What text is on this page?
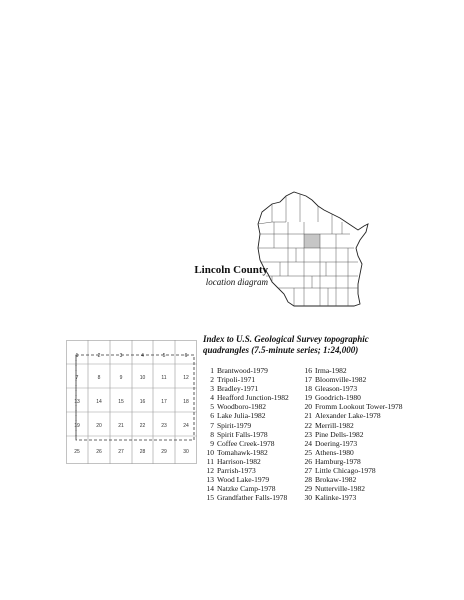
Lincoln County
location diagram
1	2	3	4	5	6
7	8	9	10	11	12
13	14	15	16	17	18
19	20	21	22	23	24
25	26	27	28	29	30
Index to U.S. Geological Survey topographic
quadrangles (7.5-minute series; 1:24,000)
1 Brantwood-1979
2 Tripoli-1971
3 Bradley-1971
4 Heafford Junction-1982
5 Woodboro-1982
6 Lake Julia-1982
7 Spirit-1979
8 Spirit Falls-1978
9 Coffee Creek-1978
10 Tomahawk-1982
11 Harrison-1982
12 Parrish-1973
13 Wood Lake-1979
14 Natzke Camp-1978
15 Grandfather Falls-1978
16 Irma-1982
17 Bloomville-1982
18 Gleason-1973
19 Goodrich-1980
20 Fromm Lookout Tower-1978
21 Alexander Lake-1978
22 Merrill-1982
23 Pine Dells-1982
24 Doering-1973
25 Athens-1980
26 Hamburg-1978
27 Little Chicago-1978
28 Brokaw-1982
29 Nutterville-1982
30 Kalinke-1973
